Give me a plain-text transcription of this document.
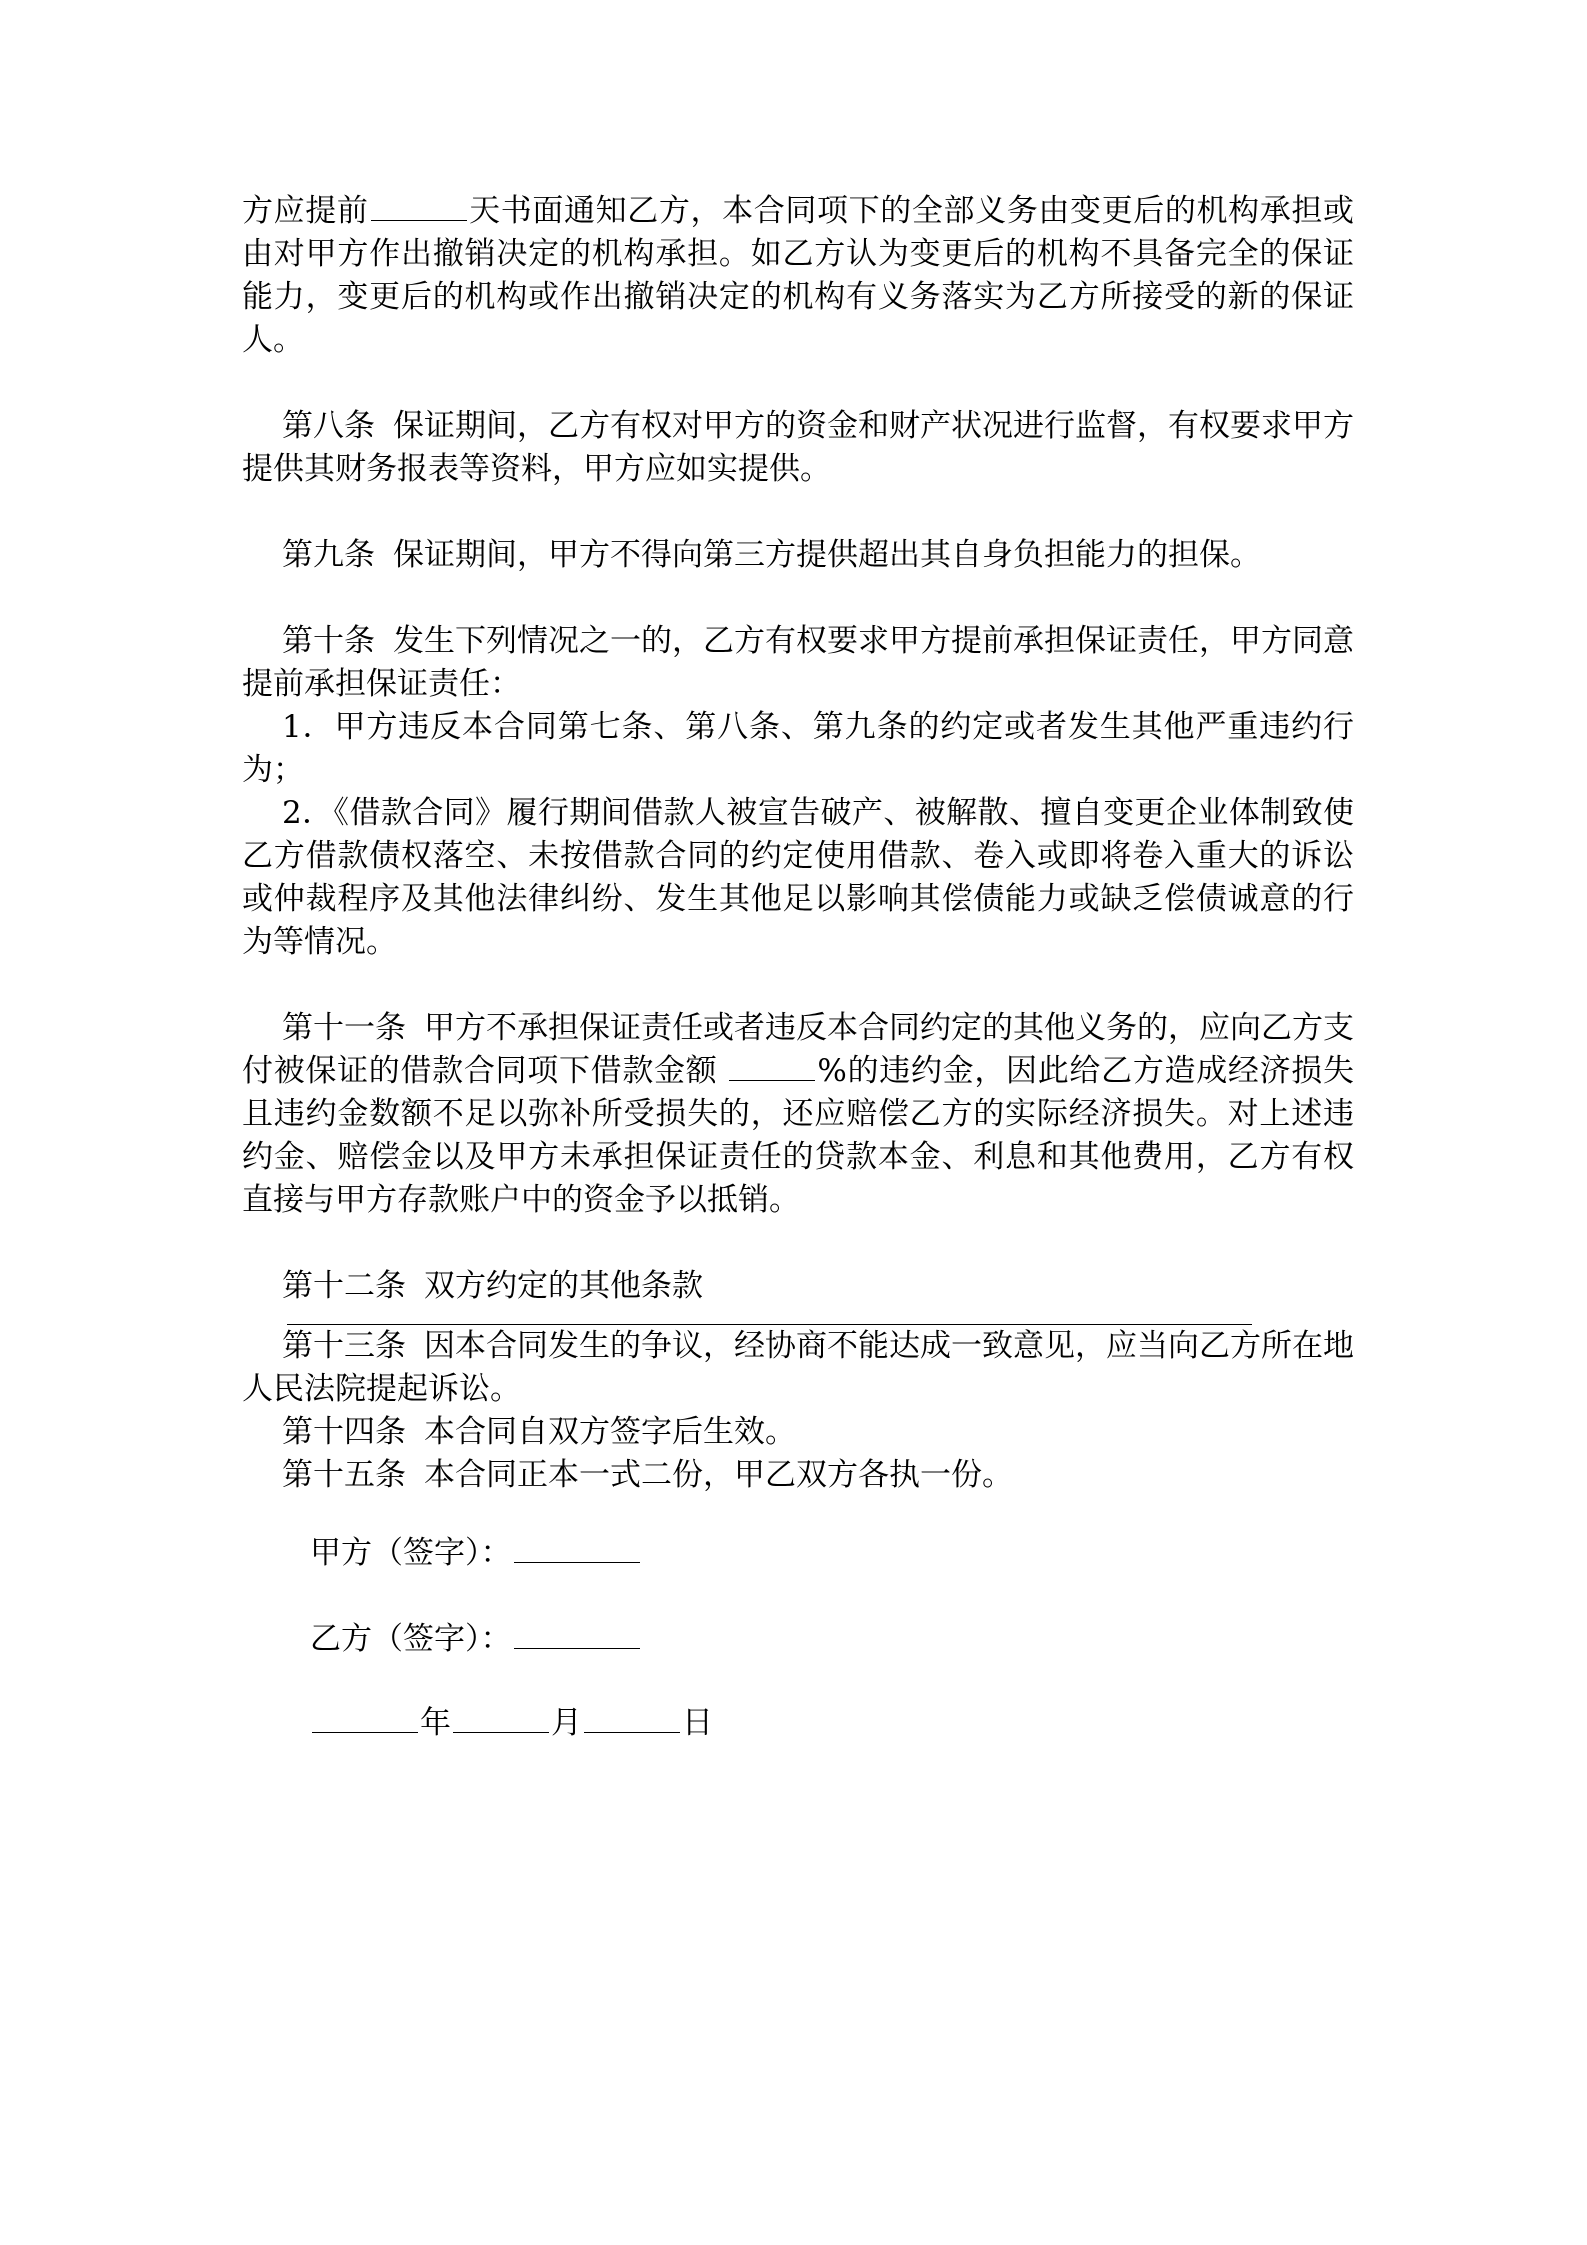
方应提前	天书面通知乙方，本合同项下的全部义务由变更后的机构承担或由对甲方作出撤销决定的机构承担。如乙方认为变更后的机构不具备完全的保证能力，变更后的机构或作出撤销决定的机构有义务落实为乙方所接受的新的保证人。

第八条 保证期间，乙方有权对甲方的资金和财产状况进行监督，有权要求甲方提供其财务报表等资料，甲方应如实提供。

第九条 保证期间，甲方不得向第三方提供超出其自身负担能力的担保。

第十条 发生下列情况之一的，乙方有权要求甲方提前承担保证责任，甲方同意提前承担保证责任：

1．甲方违反本合同第七条、第八条、第九条的约定或者发生其他严重违约行为；

2．《借款合同》履行期间借款人被宣告破产、被解散、擅自变更企业体制致使乙方借款债权落空、未按借款合同的约定使用借款、卷入或即将卷入重大的诉讼或仲裁程序及其他法律纠纷、发生其他足以影响其偿债能力或缺乏偿债诚意的行为等情况。

第十一条 甲方不承担保证责任或者违反本合同约定的其他义务的，应向乙方支付被保证的借款合同项下借款金额	%的违约金，因此给乙方造成经济损失且违约金数额不足以弥补所受损失的，还应赔偿乙方的实际经济损失。对上述违约金、赔偿金以及甲方未承担保证责任的贷款本金、利息和其他费用，乙方有权直接与甲方存款账户中的资金予以抵销。

第十二条 双方约定的其他条款

第十三条 因本合同发生的争议，经协商不能达成一致意见，应当向乙方所在地人民法院提起诉讼。

第十四条 本合同自双方签字后生效。

第十五条 本合同正本一式二份，甲乙双方各执一份。

甲方（签字）：
乙方（签字）：
年	月	日
